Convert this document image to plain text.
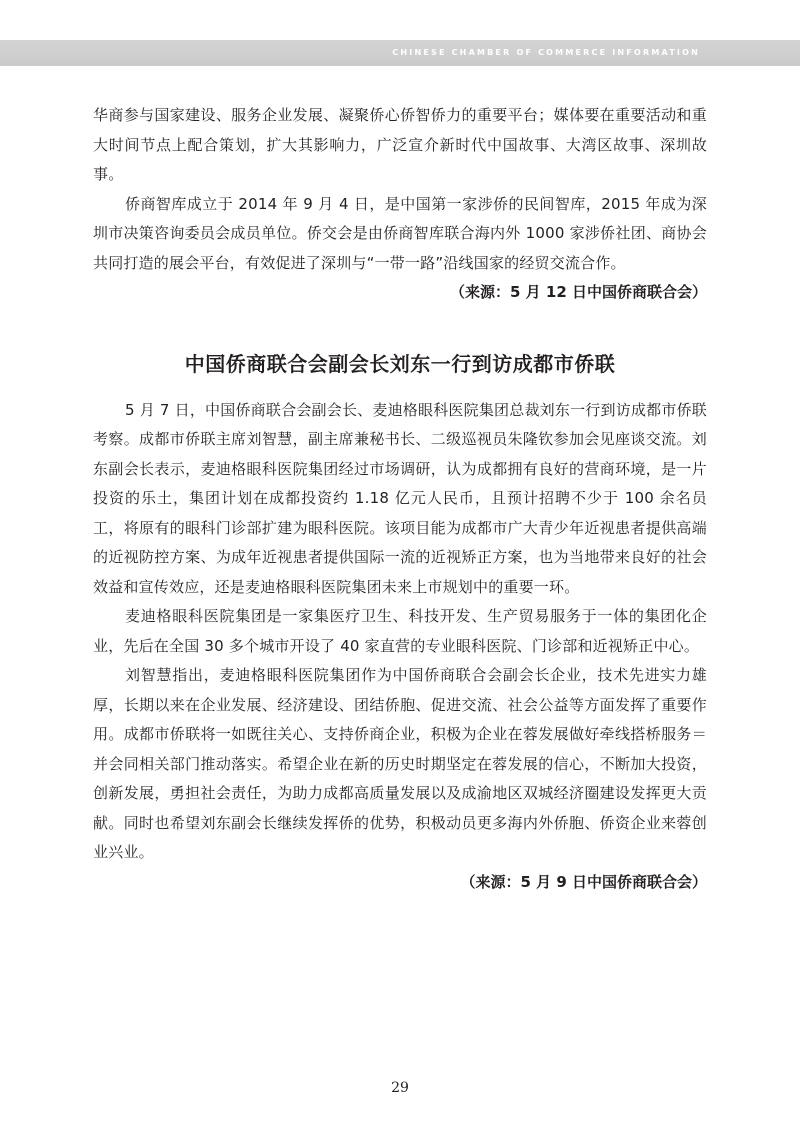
CHINESE CHAMBER OF COMMERCE INFORMATION

华商参与国家建设、服务企业发展、凝聚侨心侨智侨力的重要平台；媒体要在重要活动和重大时间节点上配合策划，扩大其影响力，广泛宣介新时代中国故事、大湾区故事、深圳故事。

侨商智库成立于 2014 年 9 月 4 日，是中国第一家涉侨的民间智库，2015 年成为深圳市决策咨询委员会成员单位。侨交会是由侨商智库联合海内外 1000 家涉侨社团、商协会共同打造的展会平台，有效促进了深圳与“一带一路”沿线国家的经贸交流合作。

（来源：5 月 12 日中国侨商联合会）

中国侨商联合会副会长刘东一行到访成都市侨联

5 月 7 日，中国侨商联合会副会长、麦迪格眼科医院集团总裁刘东一行到访成都市侨联考察。成都市侨联主席刘智慧，副主席兼秘书长、二级巡视员朱隆钦参加会见座谈交流。刘东副会长表示，麦迪格眼科医院集团经过市场调研，认为成都拥有良好的营商环境，是一片投资的乐土，集团计划在成都投资约 1.18 亿元人民币，且预计招聘不少于 100 余名员工，将原有的眼科门诊部扩建为眼科医院。该项目能为成都市广大青少年近视患者提供高端的近视防控方案、为成年近视患者提供国际一流的近视矫正方案，也为当地带来良好的社会效益和宣传效应，还是麦迪格眼科医院集团未来上市规划中的重要一环。

麦迪格眼科医院集团是一家集医疗卫生、科技开发、生产贸易服务于一体的集团化企业，先后在全国 30 多个城市开设了 40 家直营的专业眼科医院、门诊部和近视矫正中心。

刘智慧指出，麦迪格眼科医院集团作为中国侨商联合会副会长企业，技术先进实力雄厚，长期以来在企业发展、经济建设、团结侨胞、促进交流、社会公益等方面发挥了重要作用。成都市侨联将一如既往关心、支持侨商企业，积极为企业在蓉发展做好牵线搭桥服务＝并会同相关部门推动落实。希望企业在新的历史时期坚定在蓉发展的信心，不断加大投资，创新发展，勇担社会责任，为助力成都高质量发展以及成渝地区双城经济圈建设发挥更大贡献。同时也希望刘东副会长继续发挥侨的优势，积极动员更多海内外侨胞、侨资企业来蓉创业兴业。

（来源：5 月 9 日中国侨商联合会）

29
